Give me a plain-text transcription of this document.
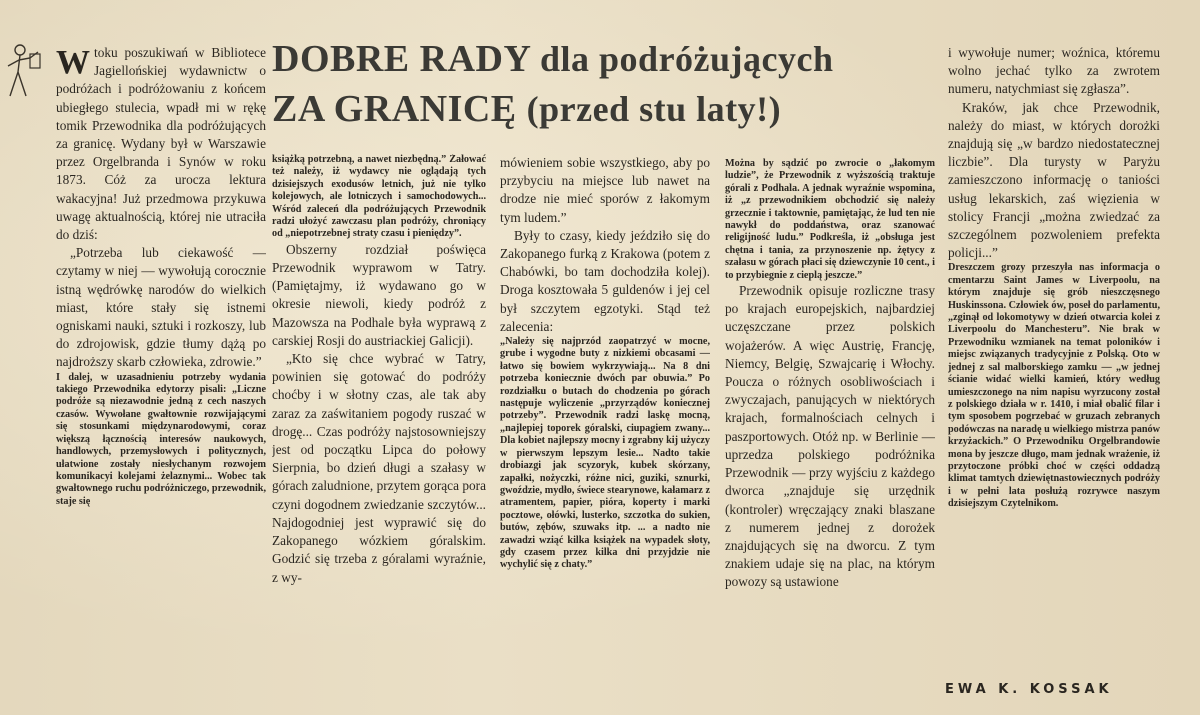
W toku poszukiwań w Bibliotece Jagiellońskiej wydawnictw o podróżach i podróżowaniu z końcem ubiegłego stulecia, wpadł mi w rękę tomik Przewodnika dla podróżujących za granicę. Wydany był w Warszawie przez Orgelbranda i Synów w roku 1873. Cóż za urocza lektura wakacyjna! Już przedmowa przykuwa uwagę aktualnością, której nie utraciła do dziś:

„Potrzeba lub ciekawość — czytamy w niej — wywołują corocznie istną wędrówkę narodów do wielkich miast, które stały się istnemi ogniskami nauki, sztuki i rozkoszy, lub do zdrojowisk, gdzie tłumy dążą po najdroższy skarb człowieka, zdrowie.”

I dalej, w uzasadnieniu potrzeby wydania takiego Przewodnika edytorzy pisali: „Liczne podróże są niezawodnie jedną z cech naszych czasów. Wywołane gwałtownie rozwijającymi się stosunkami międzynarodowymi, coraz większą łącznością interesów naukowych, handlowych, przemysłowych i politycznych, ułatwione zostały niesłychanym rozwojem komunikacyi kolejami żelaznymi... Wobec tak gwałtownego ruchu podróżniczego, przewodnik, staje się

DOBRE RADY dla podróżujących
ZA GRANICĘ (przed stu laty!)

książką potrzebną, a nawet niezbędną.” Żałować też należy, iż wydawcy nie oglądają tych dzisiejszych exodusów letnich, już nie tylko kolejowych, ale lotniczych i samochodowych... Wśród zaleceń dla podróżujących Przewodnik radzi ułożyć zawczasu plan podróży, chroniący od „niepotrzebnej straty czasu i pieniędzy”.

Obszerny rozdział poświęca Przewodnik wyprawom w Tatry. (Pamiętajmy, iż wydawano go w okresie niewoli, kiedy podróż z Mazowsza na Podhale była wyprawą z carskiej Rosji do austriackiej Galicji).

„Kto się chce wybrać w Tatry, powinien się gotować do podróży choćby i w słotny czas, ale tak aby zaraz za zaświtaniem pogody ruszać w drogę... Czas podróży najstosowniejszy jest od początku Lipca do połowy Sierpnia, bo dzień długi a szałasy w górach zaludnione, przytem gorąca pora czyni dogodnem zwiedzanie szczytów... Najdogodniej jest wyprawić się do Zakopanego wózkiem góralskim. Godzić się trzeba z góralami wyraźnie, z wy-

mówieniem sobie wszystkiego, aby po przybyciu na miejsce lub nawet na drodze nie mieć sporów z łakomym tym ludem.”

Były to czasy, kiedy jeździło się do Zakopanego furką z Krakowa (potem z Chabówki, bo tam dochodziła kolej). Droga kosztowała 5 guldenów i jej cel był szczytem egzotyki. Stąd też zalecenia:

„Należy się najprzód zaopatrzyć w mocne, grube i wygodne buty z nizkiemi obcasami — łatwo się bowiem wykrzywiają... Na 8 dni potrzeba koniecznie dwóch par obuwia.” Po rozdziałku o butach do chodzenia po górach następuje wyliczenie „przyrządów koniecznej potrzeby”. Przewodnik radzi laskę mocną, „najlepiej toporek góralski, ciupagiem zwany... Dla kobiet najlepszy mocny i zgrabny kij użyczy w pierwszym lepszym lesie... Nadto takie drobiazgi jak scyzoryk, kubek skórzany, zapałki, nożyczki, różne nici, guziki, sznurki, gwoździe, mydło, świece stearynowe, kałamarz z atramentem, papier, pióra, koperty i marki pocztowe, ołówki, lusterko, szczotka do sukien, butów, zębów, szuwaks itp. ... a nadto nie zawadzi wziąć kilka książek na wypadek słoty, gdy czasem przez kilka dni przyjdzie nie wychylić się z chaty.”

Można by sądzić po zwrocie o „łakomym ludzie”, że Przewodnik z wyższością traktuje górali z Podhala. A jednak wyraźnie wspomina, iż „z przewodnikiem obchodzić się należy grzecznie i taktownie, pamiętając, że lud ten nie nawykł do poddaństwa, oraz szanować religijność ludu.” Podkreśla, iż „obsługa jest chętna i tania, za przynoszenie np. żętycy z szałasu w górach płaci się dziewczynie 10 cent., i to przybiegnie z cieplą jeszcze.”

Przewodnik opisuje rozliczne trasy po krajach europejskich, najbardziej uczęszczane przez polskich wojażerów. A więc Austrię, Francję, Niemcy, Belgię, Szwajcarię i Włochy. Poucza o różnych osobliwościach i zwyczajach, panujących w niektórych krajach, formalnościach celnych i paszportowych. Otóż np. w Berlinie — uprzedza polskiego podróżnika Przewodnik — przy wyjściu z każdego dworca „znajduje się urzędnik (kontroler) wręczający znaki blaszane z numerem jednej z dorożek znajdujących się na dworcu. Z tym znakiem udaje się na plac, na którym powozy są ustawione

i wywołuje numer; woźnica, któremu wolno jechać tylko za zwrotem numeru, natychmiast się zgłasza”.

Kraków, jak chce Przewodnik, należy do miast, w których dorożki znajdują się „w bardzo niedostatecznej liczbie”. Dla turysty w Paryżu zamieszczono informację o taniości usług lekarskich, zaś więzienia w stolicy Francji „można zwiedzać za szczególnem pozwoleniem prefekta policji...”

Dreszczem grozy przeszyła nas informacja o cmentarzu Saint James w Liverpoolu, na którym znajduje się grób nieszczęsnego Huskinssona. Człowiek ów, poseł do parlamentu, „zginął od lokomotywy w dzień otwarcia kolei z Liverpoolu do Manchesteru”. Nie brak w Przewodniku wzmianek na temat poloników i miejsc związanych tradycyjnie z Polską. Oto w jednej z sal malborskiego zamku — „w jednej ścianie widać wielki kamień, który według umieszczonego na nim napisu wyrzucony został z polskiego działa w r. 1410, i miał obalić filar i tym sposobem pogrzebać w gruzach zebranych podówczas na naradę u wielkiego mistrza panów krzyżackich.” O Przewodniku Orgelbrandowie mona by jeszcze długo, mam jednak wrażenie, iż przytoczone próbki choć w części oddadzą klimat tamtych dziewiętnastowiecznych podróży i w pełni lata posłużą rozrywce naszym dzisiejszym Czytelnikom.

EWA K. KOSSAK
